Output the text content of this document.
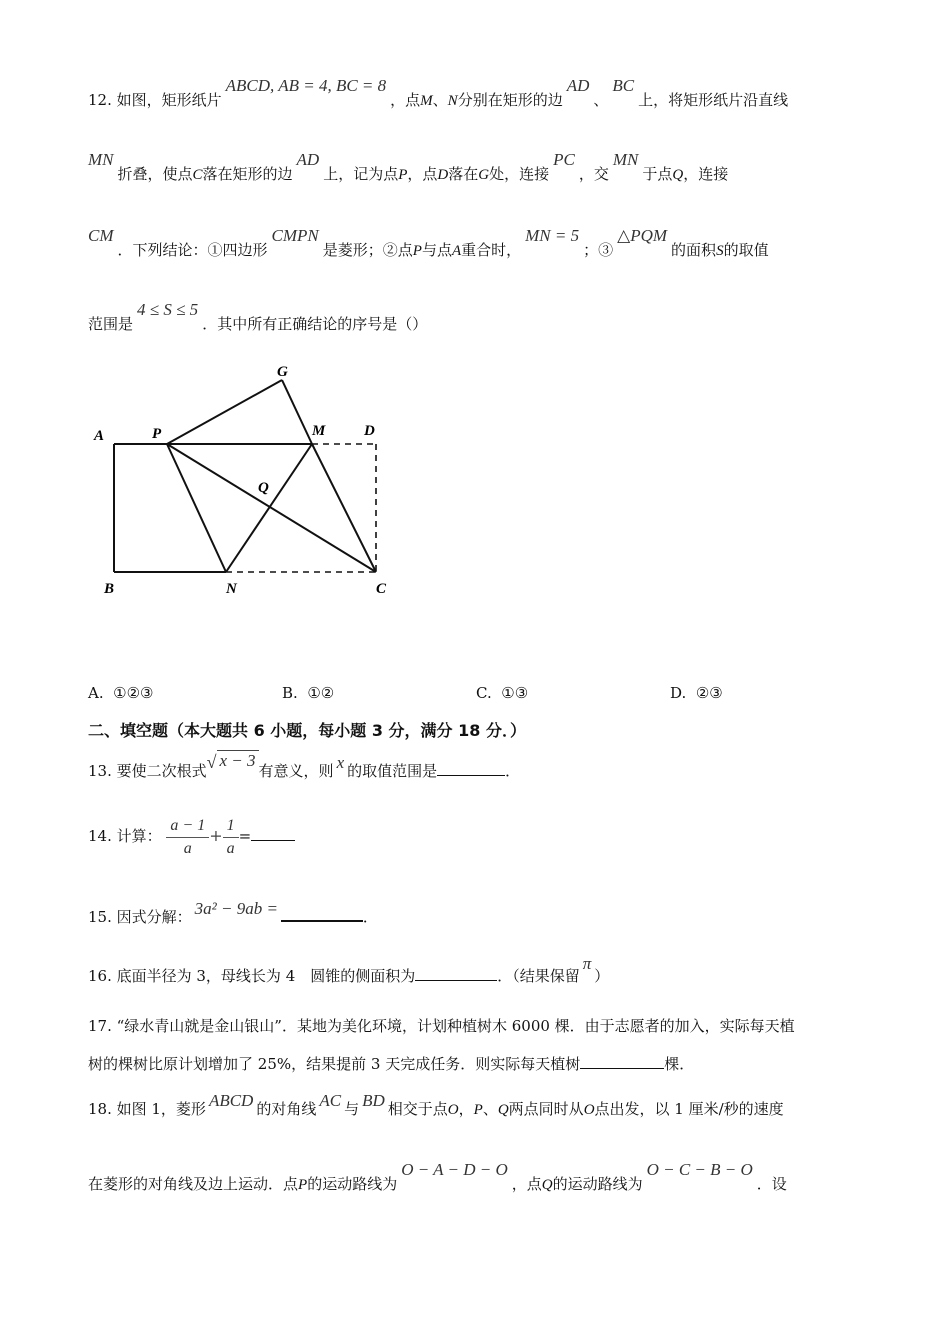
12. 如图，矩形纸片ABCD, AB = 4, BC = 8，点M、N分别在矩形的边AD、BC上，将矩形纸片沿直线
MN折叠，使点C落在矩形的边AD上，记为点P，点D落在G处，连接PC，交MN于点Q，连接
CM．下列结论：①四边形CMPN是菱形；②点P与点A重合时，MN = 5；③△PQM的面积S的取值
范围是4 ≤ S ≤ 5．其中所有正确结论的序号是（）
A	P
G
M	D
Q
B	N	C
A. ①②③	B. ①②	C. ①③	D. ②③
二、填空题（本大题共 6 小题，每小题 3 分，满分 18 分．）
13. 要使二次根式√ x − 3有意义，则 x 的取值范围是	．
14. 计算： $\frac{a - 1}{a} + \frac{1}{a}$ =
15. 因式分解： 3a² − 9ab =	．
16. 底面半径为 3，母线长为 4　圆锥的侧面积为	．（结果保留π）
17. “绿水青山就是金山银山”．某地为美化环境，计划种植树木 6000 棵．由于志愿者的加入，实际每天植
树的棵树比原计划增加了 25%，结果提前 3 天完成任务．则实际每天植树	棵．
18. 如图 1，菱形 ABCD 的对角线 AC 与 BD 相交于点O，P、Q两点同时从O点出发，以 1 厘米/秒的速度
在菱形的对角线及边上运动．点P的运动路线为O − A − D − O，点Q的运动路线为O − C − B − O．设
